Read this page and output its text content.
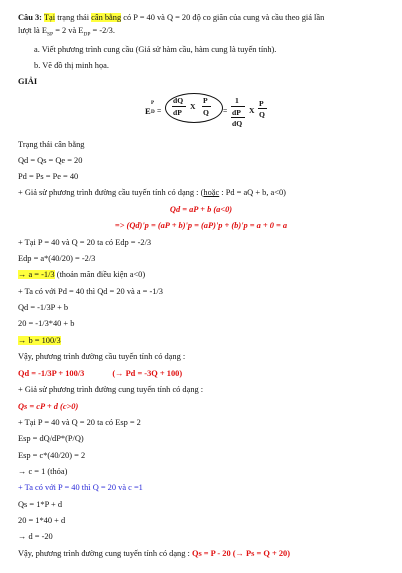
Câu 3: Tại trạng thái cân bằng có P = 40 và Q = 20 độ co giãn của cung và cầu theo giá lần
lượt là $E_{SP} = 2$ và $E_{DP} = -2/3$.
a. Viết phương trình cung cầu (Giả sử hàm cầu, hàm cung là tuyến tính).
b. Vẽ đồ thị minh họa.
GIẢI
E
P
D =
dQ
dP
X
P
Q =
1
dP
dQ
X
P
Q
Trạng thái cân bằng
Qd = Qs = Qe = 20
Pd = Ps = Pe = 40
+ Giả sử phương trình đường cầu tuyến tính có dạng : (hoặc : Pd = aQ + b, a<0)
Qd = aP + b (a<0)
=> (Qd)'p = (aP + b)'p = (aP)'p + (b)'p = a + 0 = a
+ Tại P = 40 và Q = 20 ta có Edp = -2/3
Edp = a*(40/20) = -2/3
→ a = -1/3 (thoản mãn điều kiện a<0)
+ Ta có với Pd = 40 thì Qd = 20 và a = -1/3
Qd = -1/3P + b
20 = -1/3*40 + b
→ b = 100/3
Vậy, phương trình đường cầu tuyến tính có dạng :
Qd = -1/3P + 100/3	(→ Pd = -3Q + 100)
+ Giả sử phương trình đường cung tuyến tính có dạng :
Qs = cP + d (c>0)
+ Tại P = 40 và Q = 20 ta có Esp = 2
Esp = dQ/dP*(P/Q)
Esp = c*(40/20) = 2
→ c = 1 (thỏa)
+ Ta có với P = 40 thì Q = 20 và c =1
Qs = 1*P + d
20 = 1*40 + d
→ d = -20
Vậy, phương trình đường cung tuyến tính có dạng : Qs = P - 20 (→ Ps = Q + 20)
